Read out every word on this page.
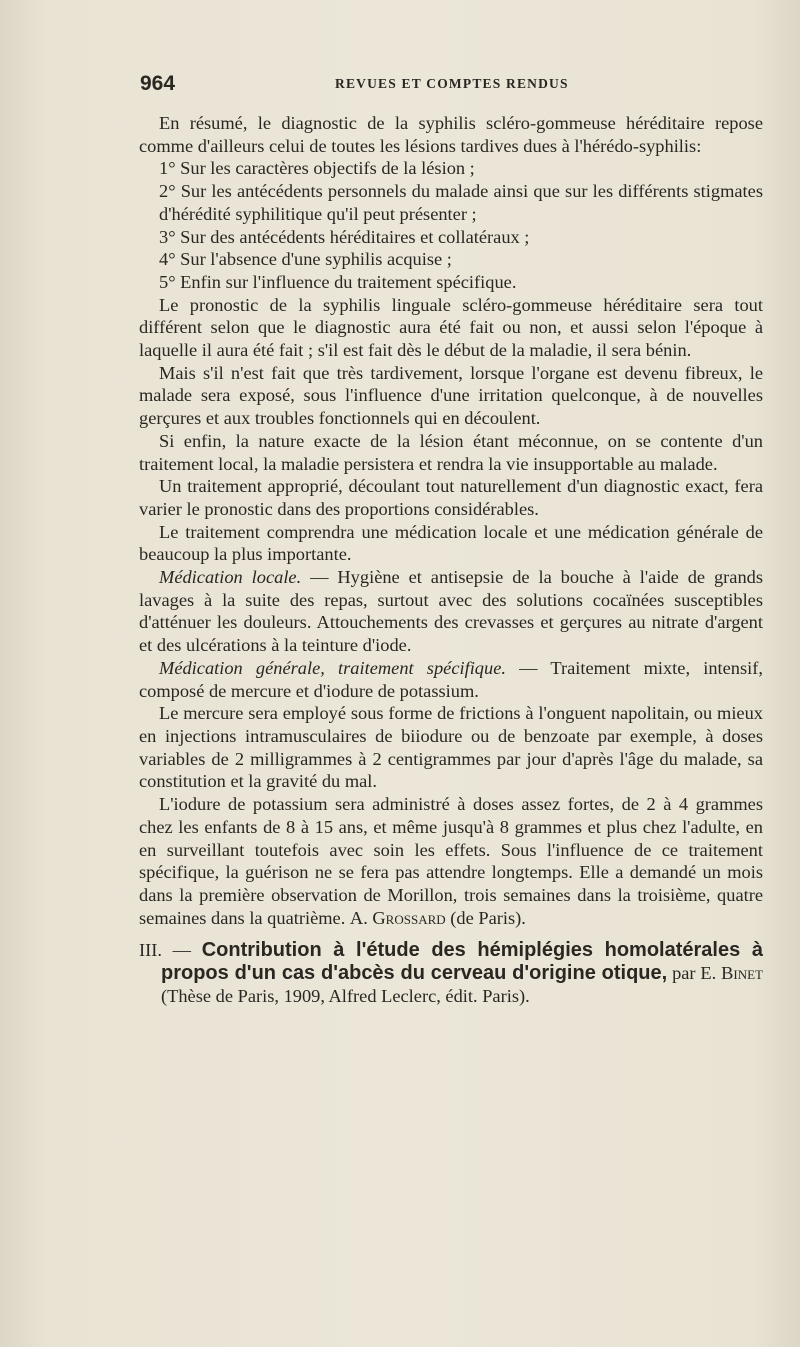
964	REVUES ET COMPTES RENDUS

En résumé, le diagnostic de la syphilis scléro-gommeuse héréditaire repose comme d'ailleurs celui de toutes les lésions tardives dues à l'hérédo-syphilis:

1° Sur les caractères objectifs de la lésion ;

2° Sur les antécédents personnels du malade ainsi que sur les différents stigmates d'hérédité syphilitique qu'il peut présenter ;

3° Sur des antécédents héréditaires et collatéraux ;

4° Sur l'absence d'une syphilis acquise ;

5° Enfin sur l'influence du traitement spécifique.

Le pronostic de la syphilis linguale scléro-gommeuse héréditaire sera tout différent selon que le diagnostic aura été fait ou non, et aussi selon l'époque à laquelle il aura été fait ; s'il est fait dès le début de la maladie, il sera bénin.

Mais s'il n'est fait que très tardivement, lorsque l'organe est devenu fibreux, le malade sera exposé, sous l'influence d'une irritation quelconque, à de nouvelles gerçures et aux troubles fonctionnels qui en découlent.

Si enfin, la nature exacte de la lésion étant méconnue, on se contente d'un traitement local, la maladie persistera et rendra la vie insupportable au malade.

Un traitement approprié, découlant tout naturellement d'un diagnostic exact, fera varier le pronostic dans des proportions considérables.

Le traitement comprendra une médication locale et une médication générale de beaucoup la plus importante.

Médication locale. — Hygiène et antisepsie de la bouche à l'aide de grands lavages à la suite des repas, surtout avec des solutions cocaïnées susceptibles d'atténuer les douleurs. Attouchements des crevasses et gerçures au nitrate d'argent et des ulcérations à la teinture d'iode.

Médication générale, traitement spécifique. — Traitement mixte, intensif, composé de mercure et d'iodure de potassium.

Le mercure sera employé sous forme de frictions à l'onguent napolitain, ou mieux en injections intramusculaires de biiodure ou de benzoate par exemple, à doses variables de 2 milligrammes à 2 centigrammes par jour d'après l'âge du malade, sa constitution et la gravité du mal.

L'iodure de potassium sera administré à doses assez fortes, de 2 à 4 grammes chez les enfants de 8 à 15 ans, et même jusqu'à 8 grammes et plus chez l'adulte, en en surveillant toutefois avec soin les effets. Sous l'influence de ce traitement spécifique, la guérison ne se fera pas attendre longtemps. Elle a demandé un mois dans la première observation de Morillon, trois semaines dans la troisième, quatre semaines dans la quatrième. A. Grossard (de Paris).

III. — Contribution à l'étude des hémiplégies homolatérales à propos d'un cas d'abcès du cerveau d'origine otique, par E. Binet (Thèse de Paris, 1909, Alfred Leclerc, édit. Paris).
